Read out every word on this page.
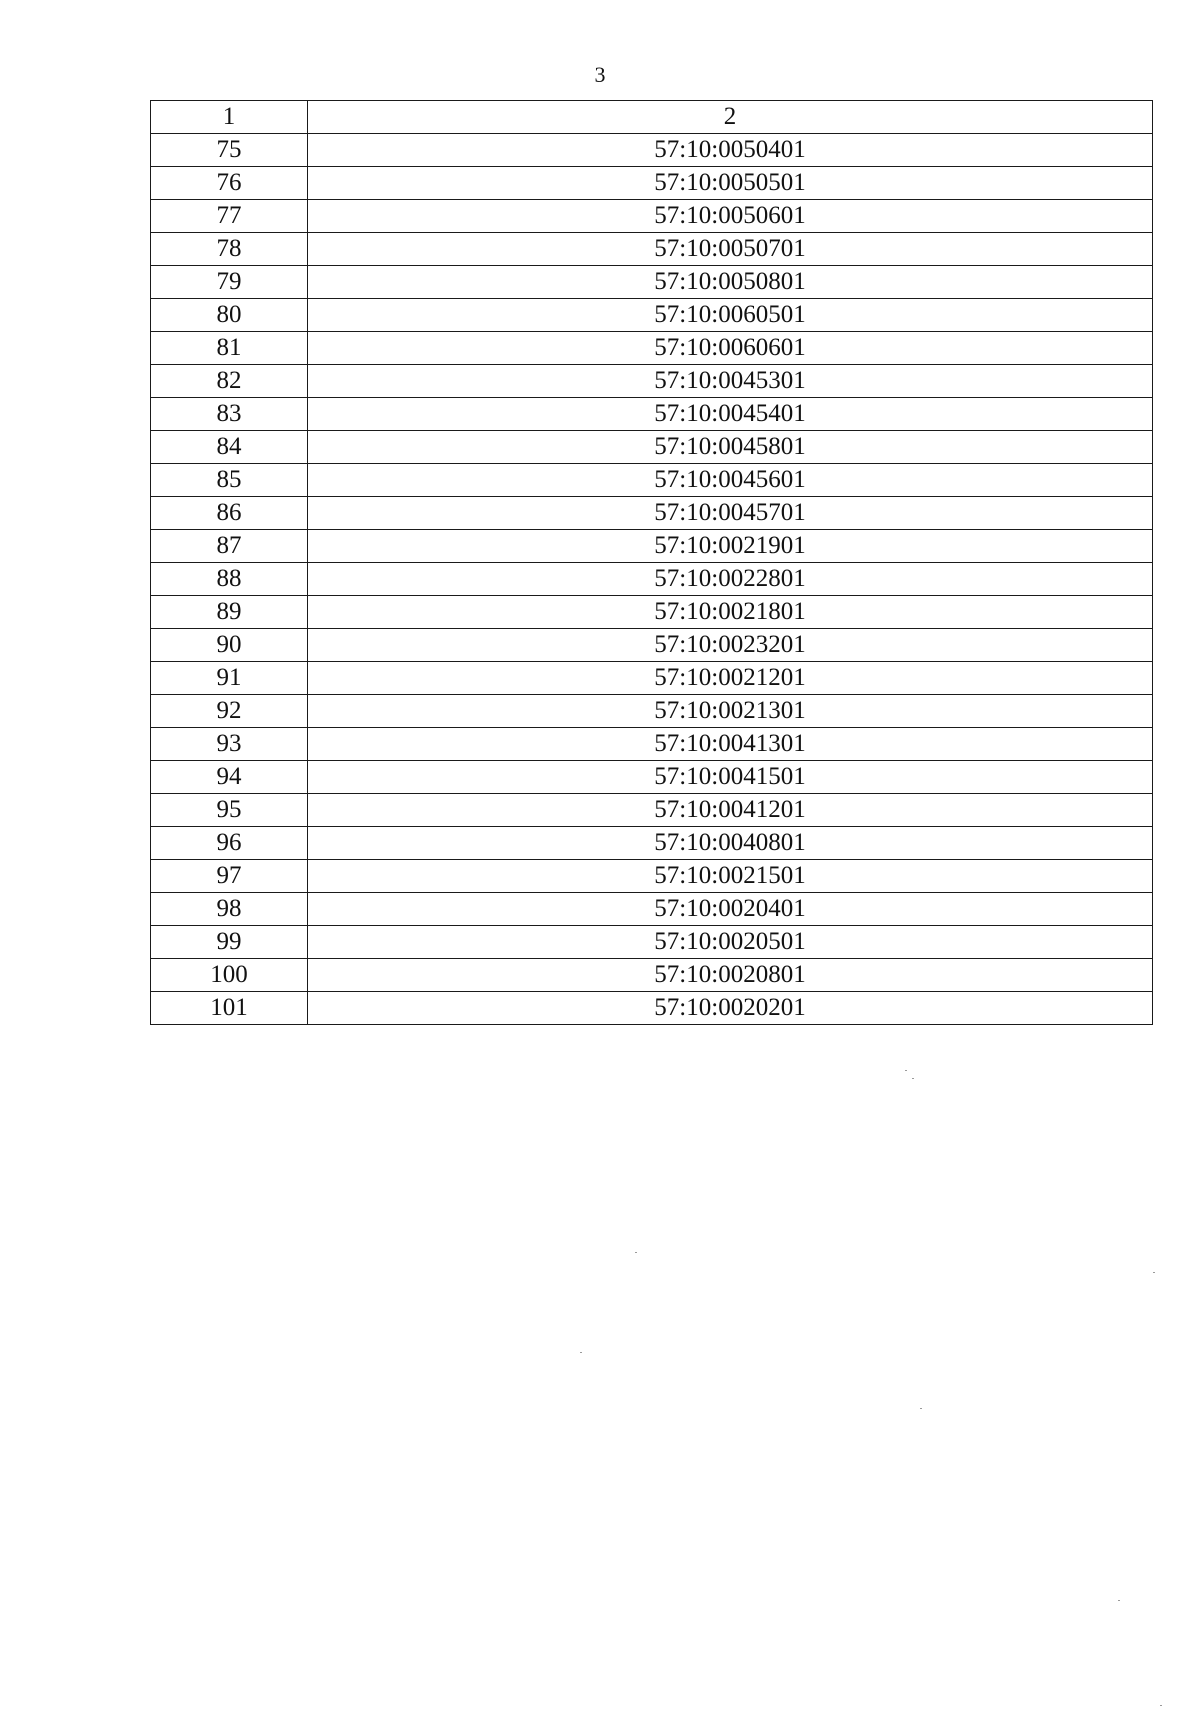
3
1	2
75	57:10:0050401
76	57:10:0050501
77	57:10:0050601
78	57:10:0050701
79	57:10:0050801
80	57:10:0060501
81	57:10:0060601
82	57:10:0045301
83	57:10:0045401
84	57:10:0045801
85	57:10:0045601
86	57:10:0045701
87	57:10:0021901
88	57:10:0022801
89	57:10:0021801
90	57:10:0023201
91	57:10:0021201
92	57:10:0021301
93	57:10:0041301
94	57:10:0041501
95	57:10:0041201
96	57:10:0040801
97	57:10:0021501
98	57:10:0020401
99	57:10:0020501
100	57:10:0020801
101	57:10:0020201
